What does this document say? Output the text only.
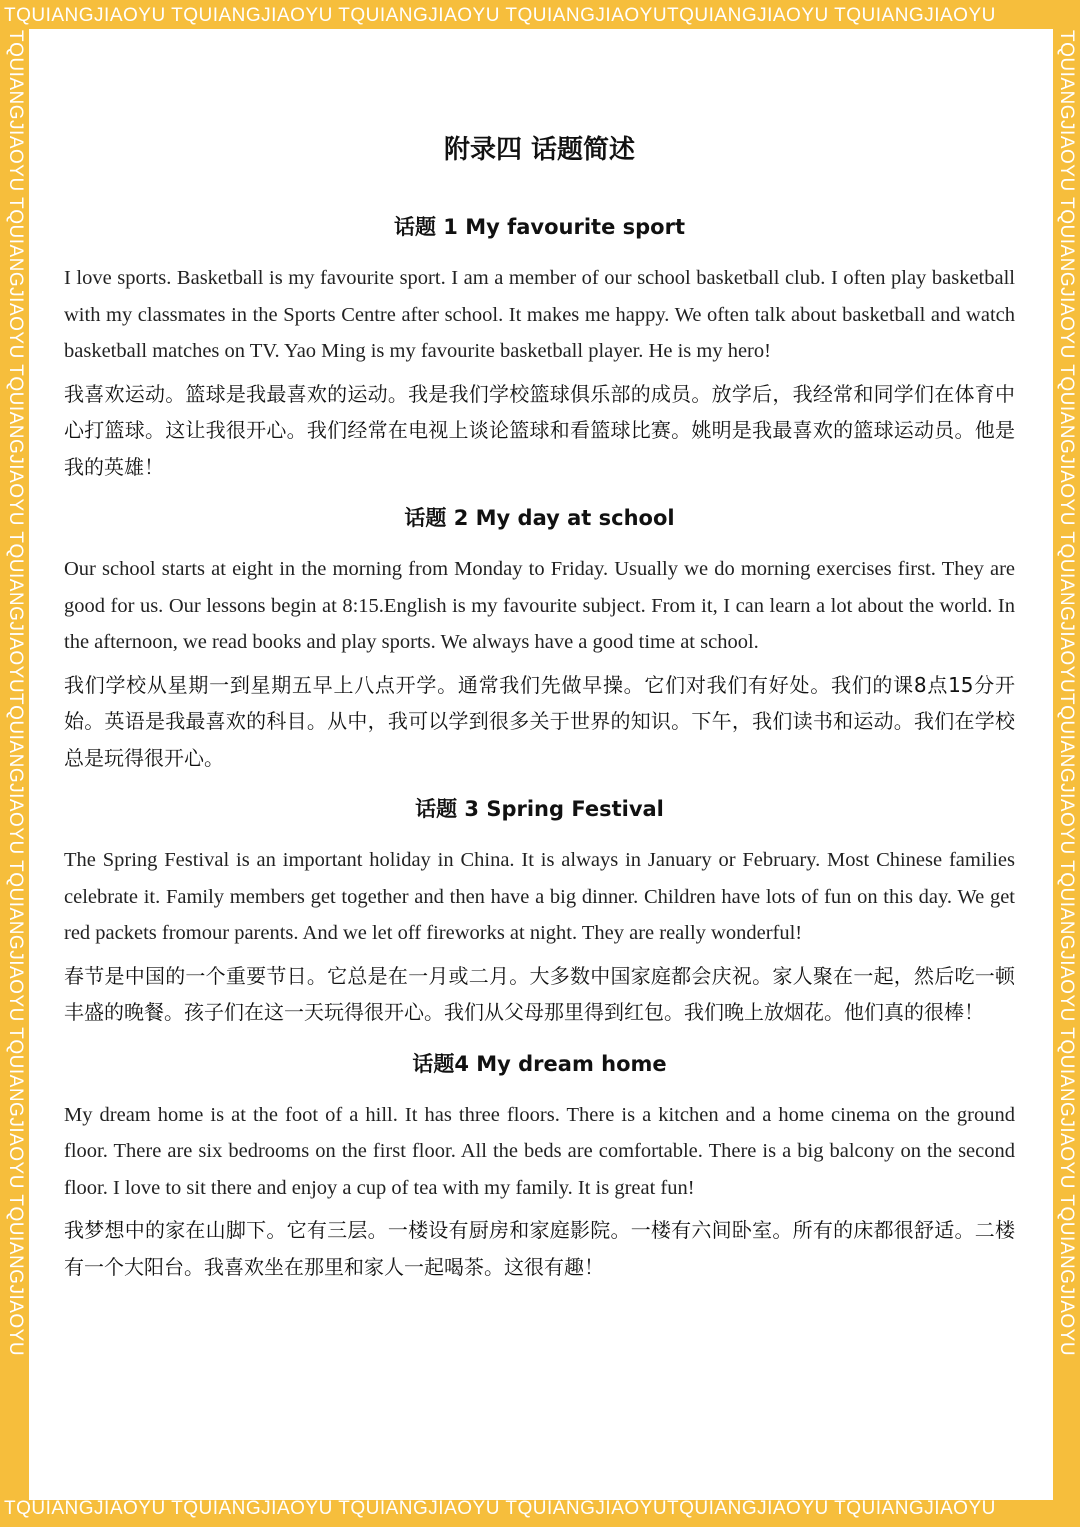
TQUIANGJIAOYU TQUIANGJIAOYU TQUIANGJIAOYU TQUIANGJIAOYUTQUIANGJIAOYU TQUIANGJIAOYU
TQUIANGJIAOYU TQUIANGJIAOYU TQUIANGJIAOYU TQUIANGJIAOYUTQUIANGJIAOYU TQUIANGJIAOYU
TQUIANGJIAOYU TQUIANGJIAOYU TQUIANGJIAOYU TQUIANGJIAOYUTQUIANGJIAOYU TQUIANGJIAOYU TQUIANGJIAOYU TQUIANGJIAOYU	TQUIANGJIAOYU TQUIANGJIAOYU TQUIANGJIAOYU TQUIANGJIAOYUTQUIANGJIAOYU TQUIANGJIAOYU TQUIANGJIAOYU TQUIANGJIAOYU
附录四 话题简述
话题 1 My favourite sport

I love sports. Basketball is my favourite sport. I am a member of our school basketball club. I often play basketball with my classmates in the Sports Centre after school. It makes me happy. We often talk about basketball and watch basketball matches on TV. Yao Ming is my favourite basketball player. He is my hero!

我喜欢运动。篮球是我最喜欢的运动。我是我们学校篮球俱乐部的成员。放学后，我经常和同学们在体育中心打篮球。这让我很开心。我们经常在电视上谈论篮球和看篮球比赛。姚明是我最喜欢的篮球运动员。他是我的英雄！

话题 2 My day at school

Our school starts at eight in the morning from Monday to Friday. Usually we do morning exercises first. They are good for us. Our lessons begin at 8:15.English is my favourite subject. From it, I can learn a lot about the world. In the afternoon, we read books and play sports. We always have a good time at school.

我们学校从星期一到星期五早上八点开学。通常我们先做早操。它们对我们有好处。我们的课8点15分开始。英语是我最喜欢的科目。从中，我可以学到很多关于世界的知识。下午，我们读书和运动。我们在学校总是玩得很开心。

话题 3 Spring Festival

The Spring Festival is an important holiday in China. It is always in January or February. Most Chinese families celebrate it. Family members get together and then have a big dinner. Children have lots of fun on this day. We get red packets fromour parents. And we let off fireworks at night. They are really wonderful!

春节是中国的一个重要节日。它总是在一月或二月。大多数中国家庭都会庆祝。家人聚在一起，然后吃一顿丰盛的晚餐。孩子们在这一天玩得很开心。我们从父母那里得到红包。我们晚上放烟花。他们真的很棒！

话题4 My dream home

My dream home is at the foot of a hill. It has three floors. There is a kitchen and a home cinema on the ground floor. There are six bedrooms on the first floor. All the beds are comfortable. There is a big balcony on the second floor. I love to sit there and enjoy a cup of tea with my family. It is great fun!

我梦想中的家在山脚下。它有三层。一楼设有厨房和家庭影院。一楼有六间卧室。所有的床都很舒适。二楼有一个大阳台。我喜欢坐在那里和家人一起喝茶。这很有趣！
